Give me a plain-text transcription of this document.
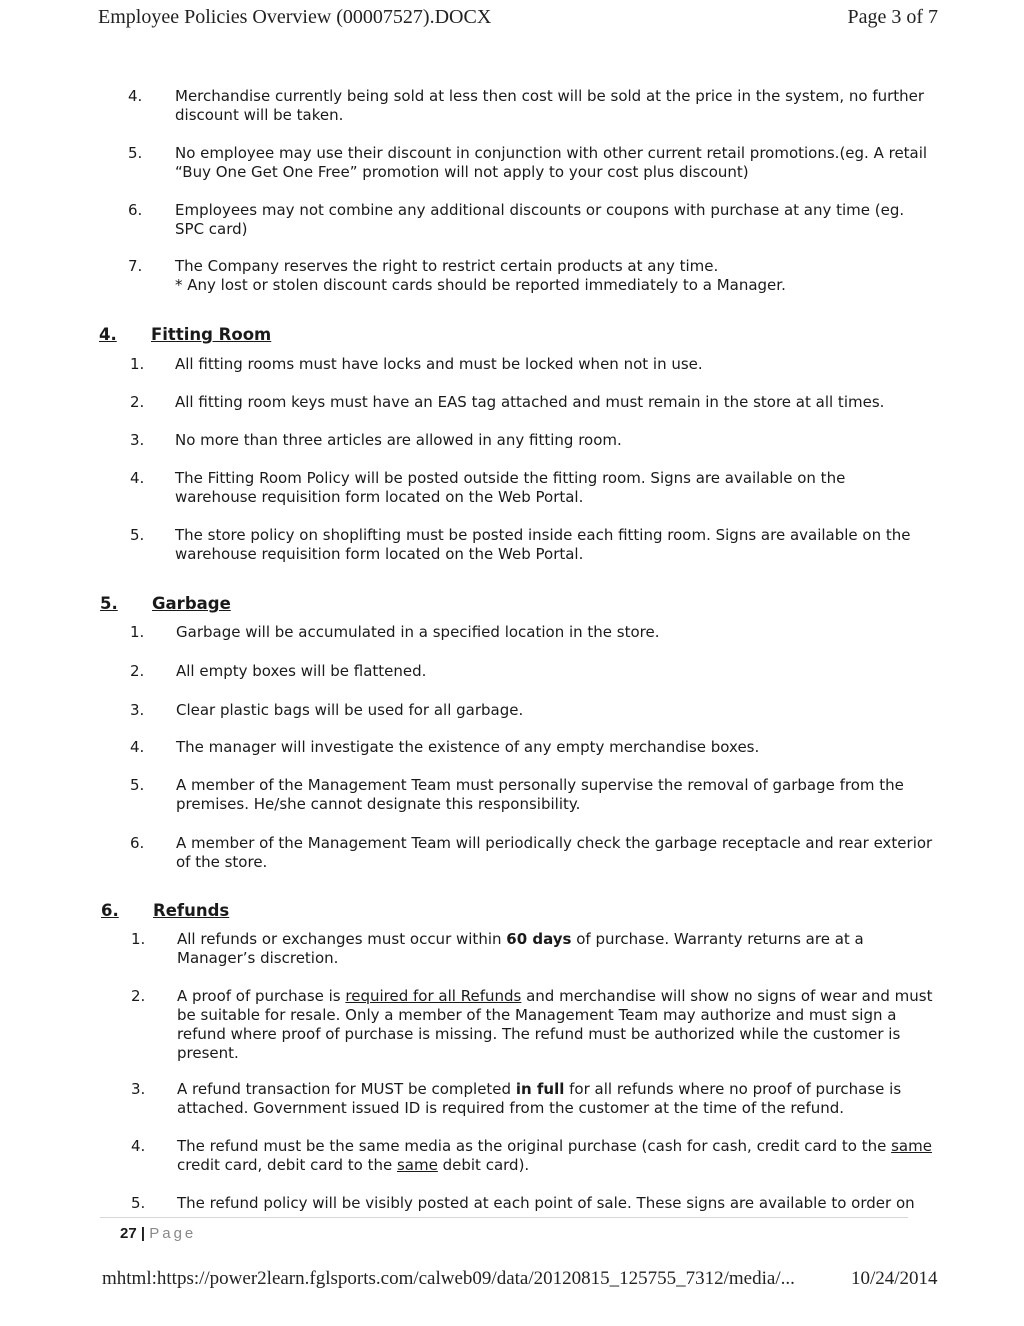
Employee Policies Overview (00007527).DOCX	Page 3 of 7
4.	Merchandise currently being sold at less then cost will be sold at the price in the system, no further
discount will be taken.
5.	No employee may use their discount in conjunction with other current retail promotions.(eg. A retail
“Buy One Get One Free” promotion will not apply to your cost plus discount)
6.	Employees may not combine any additional discounts or coupons with purchase at any time (eg.
SPC card)
7.	The Company reserves the right to restrict certain products at any time.
* Any lost or stolen discount cards should be reported immediately to a Manager.
4. Fitting Room
1.	All fitting rooms must have locks and must be locked when not in use.
2.	All fitting room keys must have an EAS tag attached and must remain in the store at all times.
3.	No more than three articles are allowed in any fitting room.
4.	The Fitting Room Policy will be posted outside the fitting room. Signs are available on the
warehouse requisition form located on the Web Portal.
5.	The store policy on shoplifting must be posted inside each fitting room. Signs are available on the
warehouse requisition form located on the Web Portal.
5. Garbage
1.	Garbage will be accumulated in a specified location in the store.
2.	All empty boxes will be flattened.
3.	Clear plastic bags will be used for all garbage.
4.	The manager will investigate the existence of any empty merchandise boxes.
5.	A member of the Management Team must personally supervise the removal of garbage from the
premises. He/she cannot designate this responsibility.
6.	A member of the Management Team will periodically check the garbage receptacle and rear exterior
of the store.
6. Refunds
1.	All refunds or exchanges must occur within 60 days of purchase. Warranty returns are at a
Manager’s discretion.
2.	A proof of purchase is required for all Refunds and merchandise will show no signs of wear and must
be suitable for resale. Only a member of the Management Team may authorize and must sign a
refund where proof of purchase is missing. The refund must be authorized while the customer is
present.
3.	A refund transaction for MUST be completed in full for all refunds where no proof of purchase is
attached. Government issued ID is required from the customer at the time of the refund.
4.	The refund must be the same media as the original purchase (cash for cash, credit card to the same
credit card, debit card to the same debit card).
5.	The refund policy will be visibly posted at each point of sale. These signs are available to order on
27 | Page
mhtml:https://power2learn.fglsports.com/calweb09/data/20120815_125755_7312/media/...	10/24/2014
